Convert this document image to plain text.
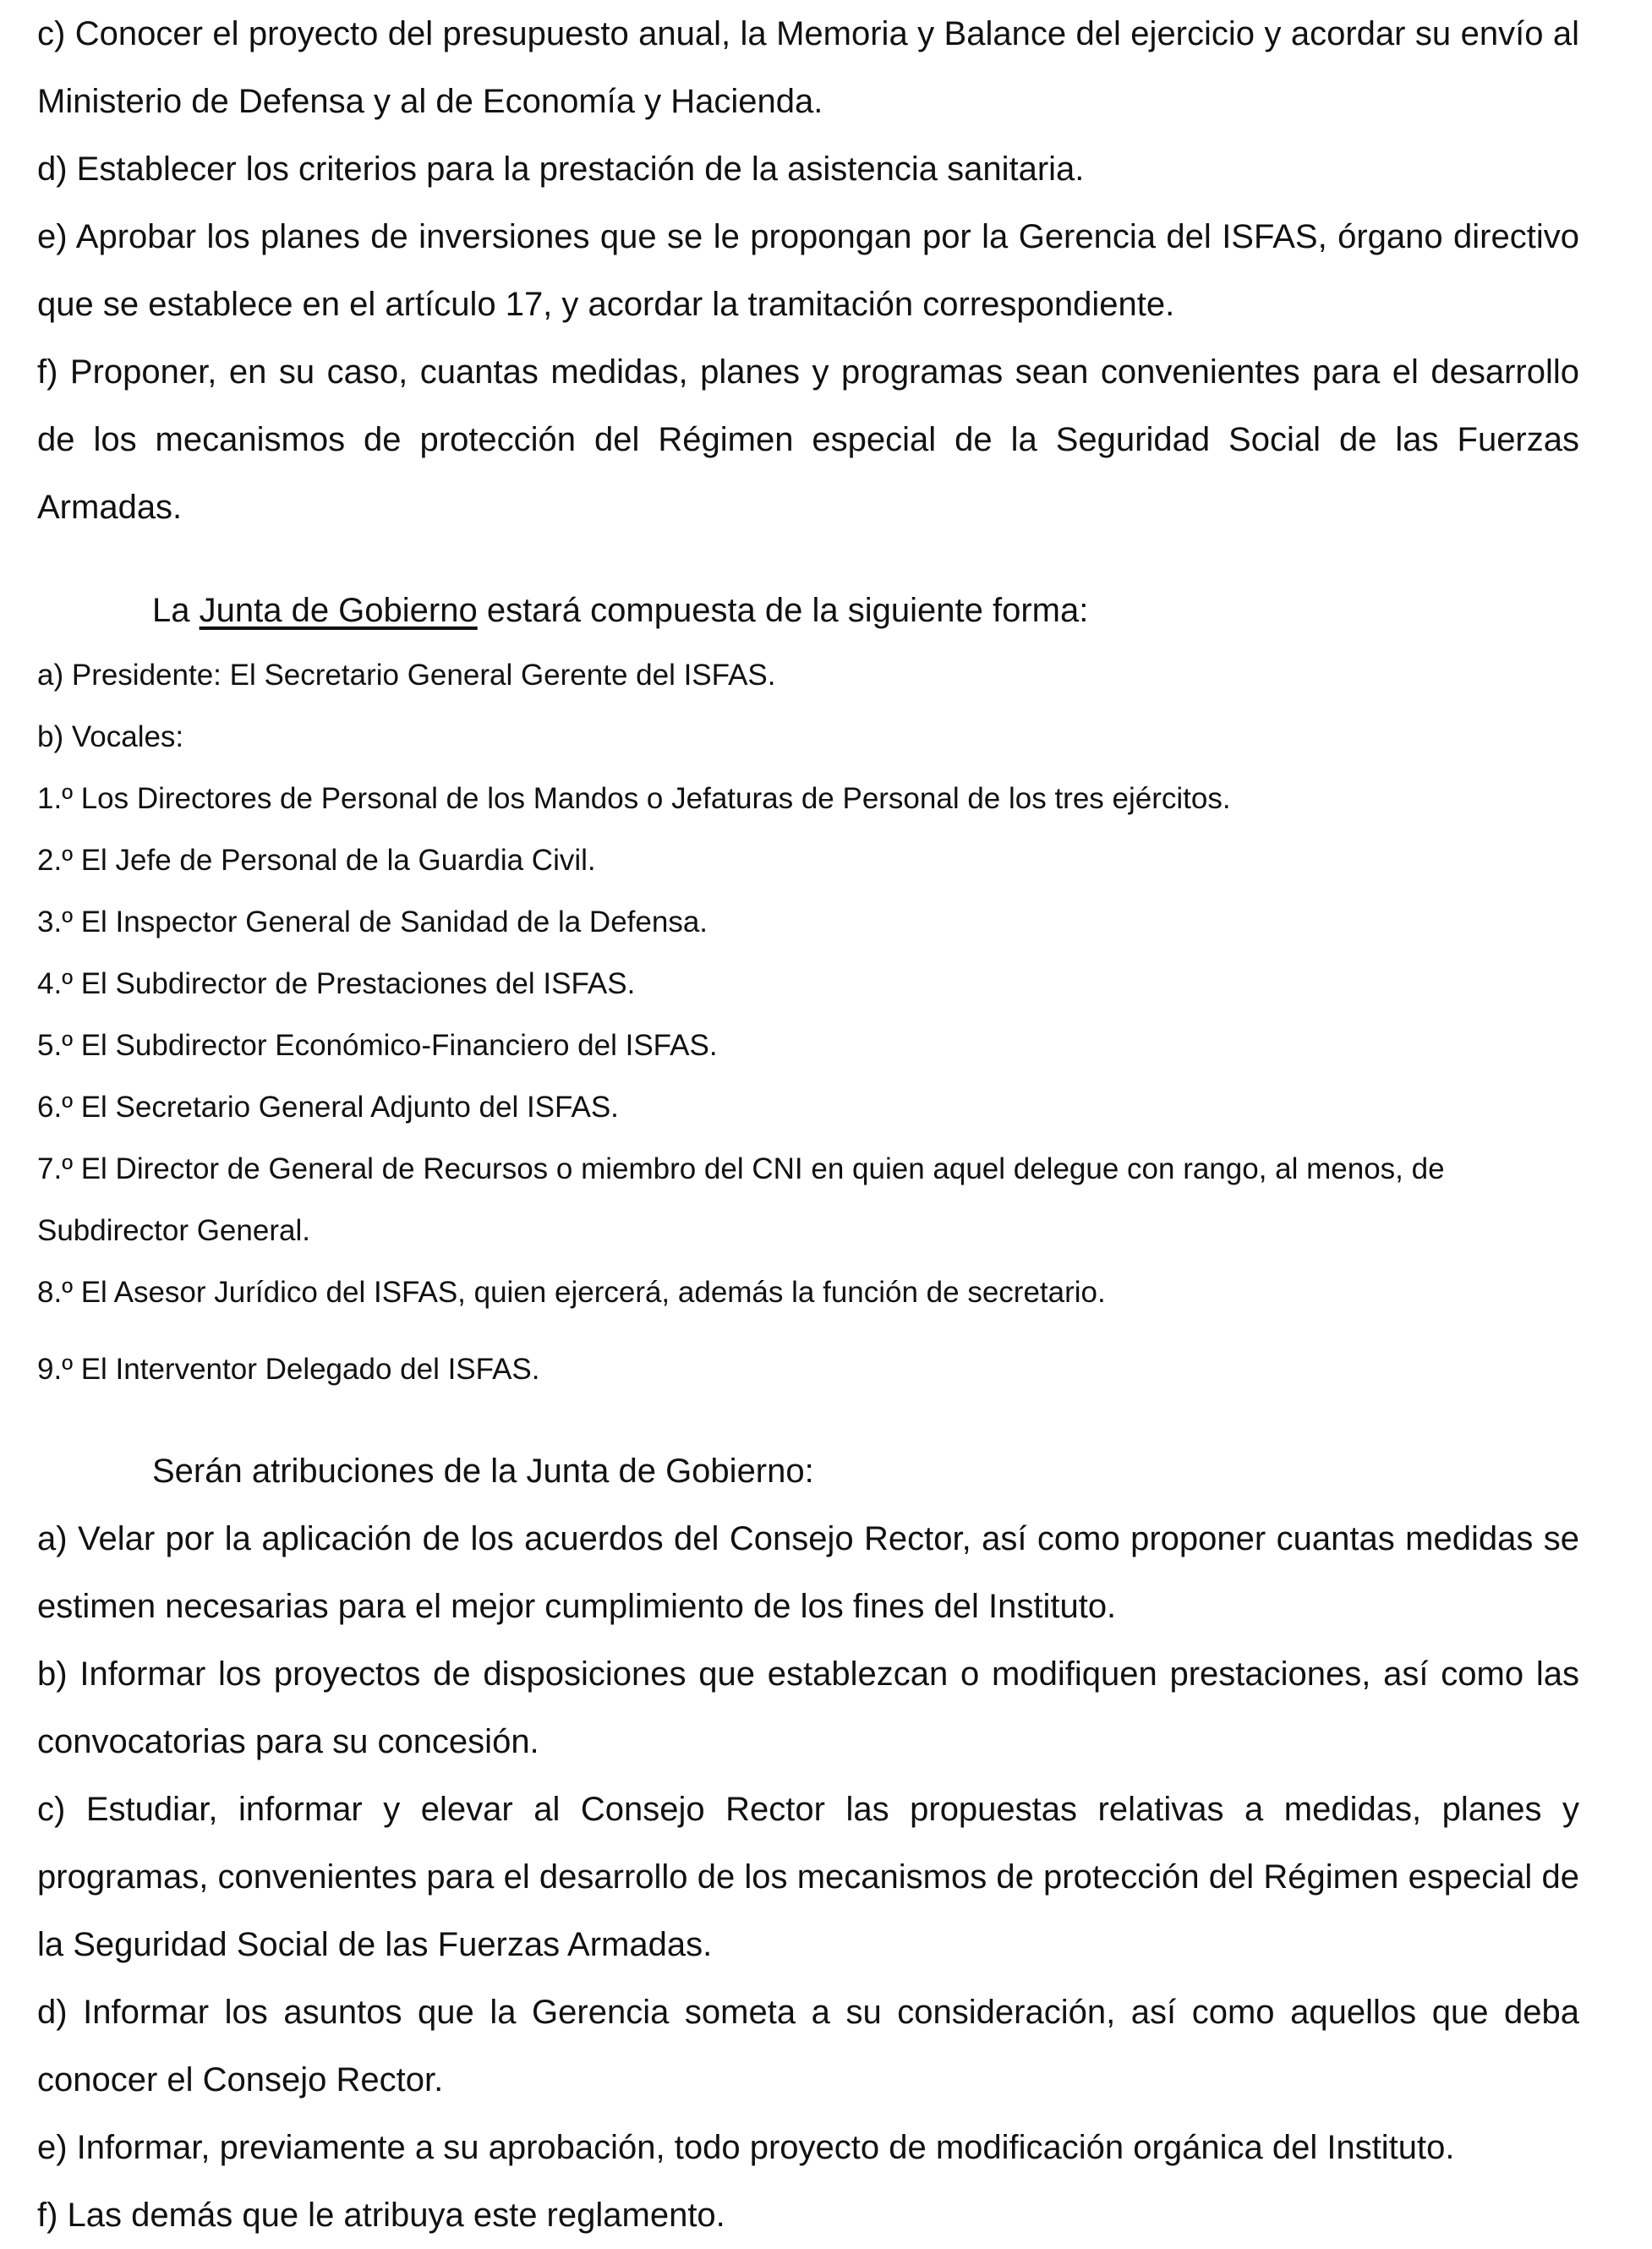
c) Conocer el proyecto del presupuesto anual, la Memoria y Balance del ejercicio y acordar su envío al Ministerio de Defensa y al de Economía y Hacienda.

d) Establecer los criterios para la prestación de la asistencia sanitaria.

e) Aprobar los planes de inversiones que se le propongan por la Gerencia del ISFAS, órgano directivo que se establece en el artículo 17, y acordar la tramitación correspondiente.

f) Proponer, en su caso, cuantas medidas, planes y programas sean convenientes para el desarrollo de los mecanismos de protección del Régimen especial de la Seguridad Social de las Fuerzas Armadas.

La Junta de Gobierno estará compuesta de la siguiente forma:

a) Presidente: El Secretario General Gerente del ISFAS.

b) Vocales:

1.º Los Directores de Personal de los Mandos o Jefaturas de Personal de los tres ejércitos.

2.º El Jefe de Personal de la Guardia Civil.

3.º El Inspector General de Sanidad de la Defensa.

4.º El Subdirector de Prestaciones del ISFAS.

5.º El Subdirector Económico-Financiero del ISFAS.

6.º El Secretario General Adjunto del ISFAS.

7.º El Director de General de Recursos o miembro del CNI en quien aquel delegue con rango, al menos, de Subdirector General.

8.º El Asesor Jurídico del ISFAS, quien ejercerá, además la función de secretario.

9.º El Interventor Delegado del ISFAS.

Serán atribuciones de la Junta de Gobierno:

a) Velar por la aplicación de los acuerdos del Consejo Rector, así como proponer cuantas medidas se estimen necesarias para el mejor cumplimiento de los fines del Instituto.

b) Informar los proyectos de disposiciones que establezcan o modifiquen prestaciones, así como las convocatorias para su concesión.

c) Estudiar, informar y elevar al Consejo Rector las propuestas relativas a medidas, planes y programas, convenientes para el desarrollo de los mecanismos de protección del Régimen especial de la Seguridad Social de las Fuerzas Armadas.

d) Informar los asuntos que la Gerencia someta a su consideración, así como aquellos que deba conocer el Consejo Rector.

e) Informar, previamente a su aprobación, todo proyecto de modificación orgánica del Instituto.

f) Las demás que le atribuya este reglamento.
